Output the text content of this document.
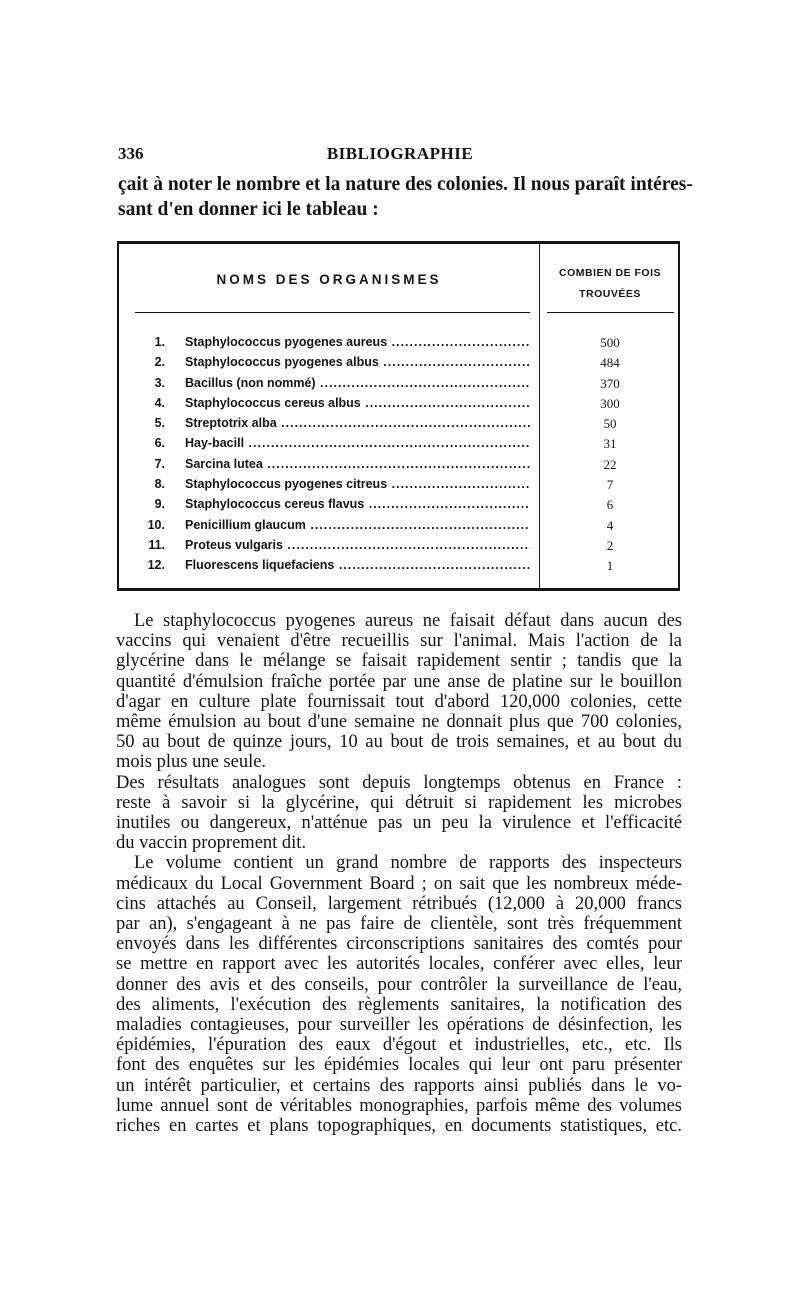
336	BIBLIOGRAPHIE
çait à noter le nombre et la nature des colonies. Il nous paraît intéres-
sant d'en donner ici le tableau :
NOMS DES ORGANISMES	COMBIEN DE FOIS
TROUVÉES
1. Staphylococcus pyogenes aureus .....	500
2. Staphylococcus pyogenes albus .....	484
3. Bacillus (non nommé) .....	370
4. Staphylococcus cereus albus .....	300
5. Streptotrix alba .....	50
6. Hay-bacill .....	31
7. Sarcina lutea .....	22
8. Staphylococcus pyogenes citreus .....	7
9. Staphylococcus cereus flavus .....	6
10. Penicillium glaucum .....	4
11. Proteus vulgaris .....	2
12. Fluorescens liquefaciens .....	1
Le staphylococcus pyogenes aureus ne faisait défaut dans aucun des
vaccins qui venaient d'être recueillis sur l'animal. Mais l'action de la
glycérine dans le mélange se faisait rapidement sentir ; tandis que la
quantité d'émulsion fraîche portée par une anse de platine sur le bouillon
d'agar en culture plate fournissait tout d'abord 120,000 colonies, cette
même émulsion au bout d'une semaine ne donnait plus que 700 colonies,
50 au bout de quinze jours, 10 au bout de trois semaines, et au bout du
mois plus une seule.
Des résultats analogues sont depuis longtemps obtenus en France :
reste à savoir si la glycérine, qui détruit si rapidement les microbes
inutiles ou dangereux, n'atténue pas un peu la virulence et l'efficacité
du vaccin proprement dit.
Le volume contient un grand nombre de rapports des inspecteurs
médicaux du Local Government Board ; on sait que les nombreux méde-
cins attachés au Conseil, largement rétribués (12,000 à 20,000 francs
par an), s'engageant à ne pas faire de clientèle, sont très fréquemment
envoyés dans les différentes circonscriptions sanitaires des comtés pour
se mettre en rapport avec les autorités locales, conférer avec elles, leur
donner des avis et des conseils, pour contrôler la surveillance de l'eau,
des aliments, l'exécution des règlements sanitaires, la notification des
maladies contagieuses, pour surveiller les opérations de désinfection, les
épidémies, l'épuration des eaux d'égout et industrielles, etc., etc. Ils
font des enquêtes sur les épidémies locales qui leur ont paru présenter
un intérêt particulier, et certains des rapports ainsi publiés dans le vo-
lume annuel sont de véritables monographies, parfois même des volumes
riches en cartes et plans topographiques, en documents statistiques, etc.
